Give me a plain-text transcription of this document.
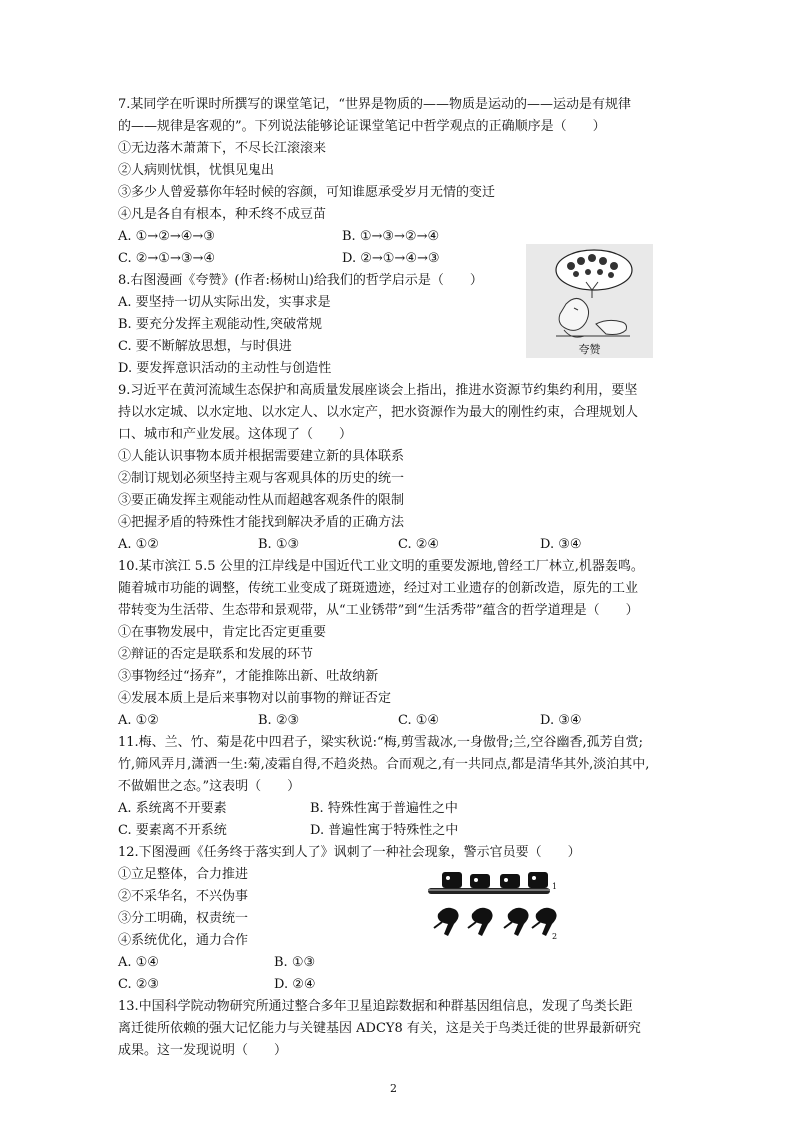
7.某同学在听课时所撰写的课堂笔记，“世界是物质的——物质是运动的——运动是有规律
的——规律是客观的”。下列说法能够论证课堂笔记中哲学观点的正确顺序是（　　）
①无边落木萧萧下，不尽长江滚滚来
②人病则忧惧，忧惧见鬼出
③多少人曾爱慕你年轻时候的容颜，可知谁愿承受岁月无情的变迁
④凡是各自有根本，种禾终不成豆苗
A. ①→②→④→③	B. ①→③→②→④
C. ②→①→③→④	D. ②→①→④→③
8.右图漫画《夸赞》(作者:杨树山)给我们的哲学启示是（　　）
A. 要坚持一切从实际出发，实事求是
B. 要充分发挥主观能动性,突破常规
C. 要不断解放思想，与时俱进
D. 要发挥意识活动的主动性与创造性
夸赞
9.习近平在黄河流域生态保护和高质量发展座谈会上指出，推进水资源节约集约利用，要坚
持以水定城、以水定地、以水定人、以水定产，把水资源作为最大的刚性约束，合理规划人
口、城市和产业发展。这体现了（　　）
①人能认识事物本质并根据需要建立新的具体联系
②制订规划必须坚持主观与客观具体的历史的统一
③要正确发挥主观能动性从而超越客观条件的限制
④把握矛盾的特殊性才能找到解决矛盾的正确方法
A. ①②	B. ①③	C. ②④	D. ③④
10.某市滨江 5.5 公里的江岸线是中国近代工业文明的重要发源地,曾经工厂林立,机器轰鸣。
随着城市功能的调整，传统工业变成了斑斑遗迹，经过对工业遗存的创新改造，原先的工业
带转变为生活带、生态带和景观带，从“工业锈带”到“生活秀带”蕴含的哲学道理是（　　）
①在事物发展中，肯定比否定更重要
②辩证的否定是联系和发展的环节
③事物经过“扬弃”，才能推陈出新、吐故纳新
④发展本质上是后来事物对以前事物的辩证否定
A. ①②	B. ②③	C. ①④	D. ③④
11.梅、兰、竹、菊是花中四君子，梁实秋说:“梅,剪雪裁冰,一身傲骨;兰,空谷幽香,孤芳自赏;
竹,筛风弄月,潇洒一生:菊,凌霜自得,不趋炎热。合而观之,有一共同点,都是清华其外,淡泊其中,
不做媚世之态。”这表明（　　）
A. 系统离不开要素	B. 特殊性寓于普遍性之中
C. 要素离不开系统	D. 普遍性寓于特殊性之中
12.下图漫画《任务终于落实到人了》讽刺了一种社会现象，警示官员要（　　）
①立足整体，合力推进
②不采华名，不兴伪事
③分工明确，权责统一
④系统优化，通力合作
A. ①④	B. ①③
C. ②③	D. ②④
1
2
13.中国科学院动物研究所通过整合多年卫星追踪数据和种群基因组信息，发现了鸟类长距
离迁徙所依赖的强大记忆能力与关键基因 ADCY8 有关，这是关于鸟类迁徙的世界最新研究
成果。这一发现说明（　　）
2
